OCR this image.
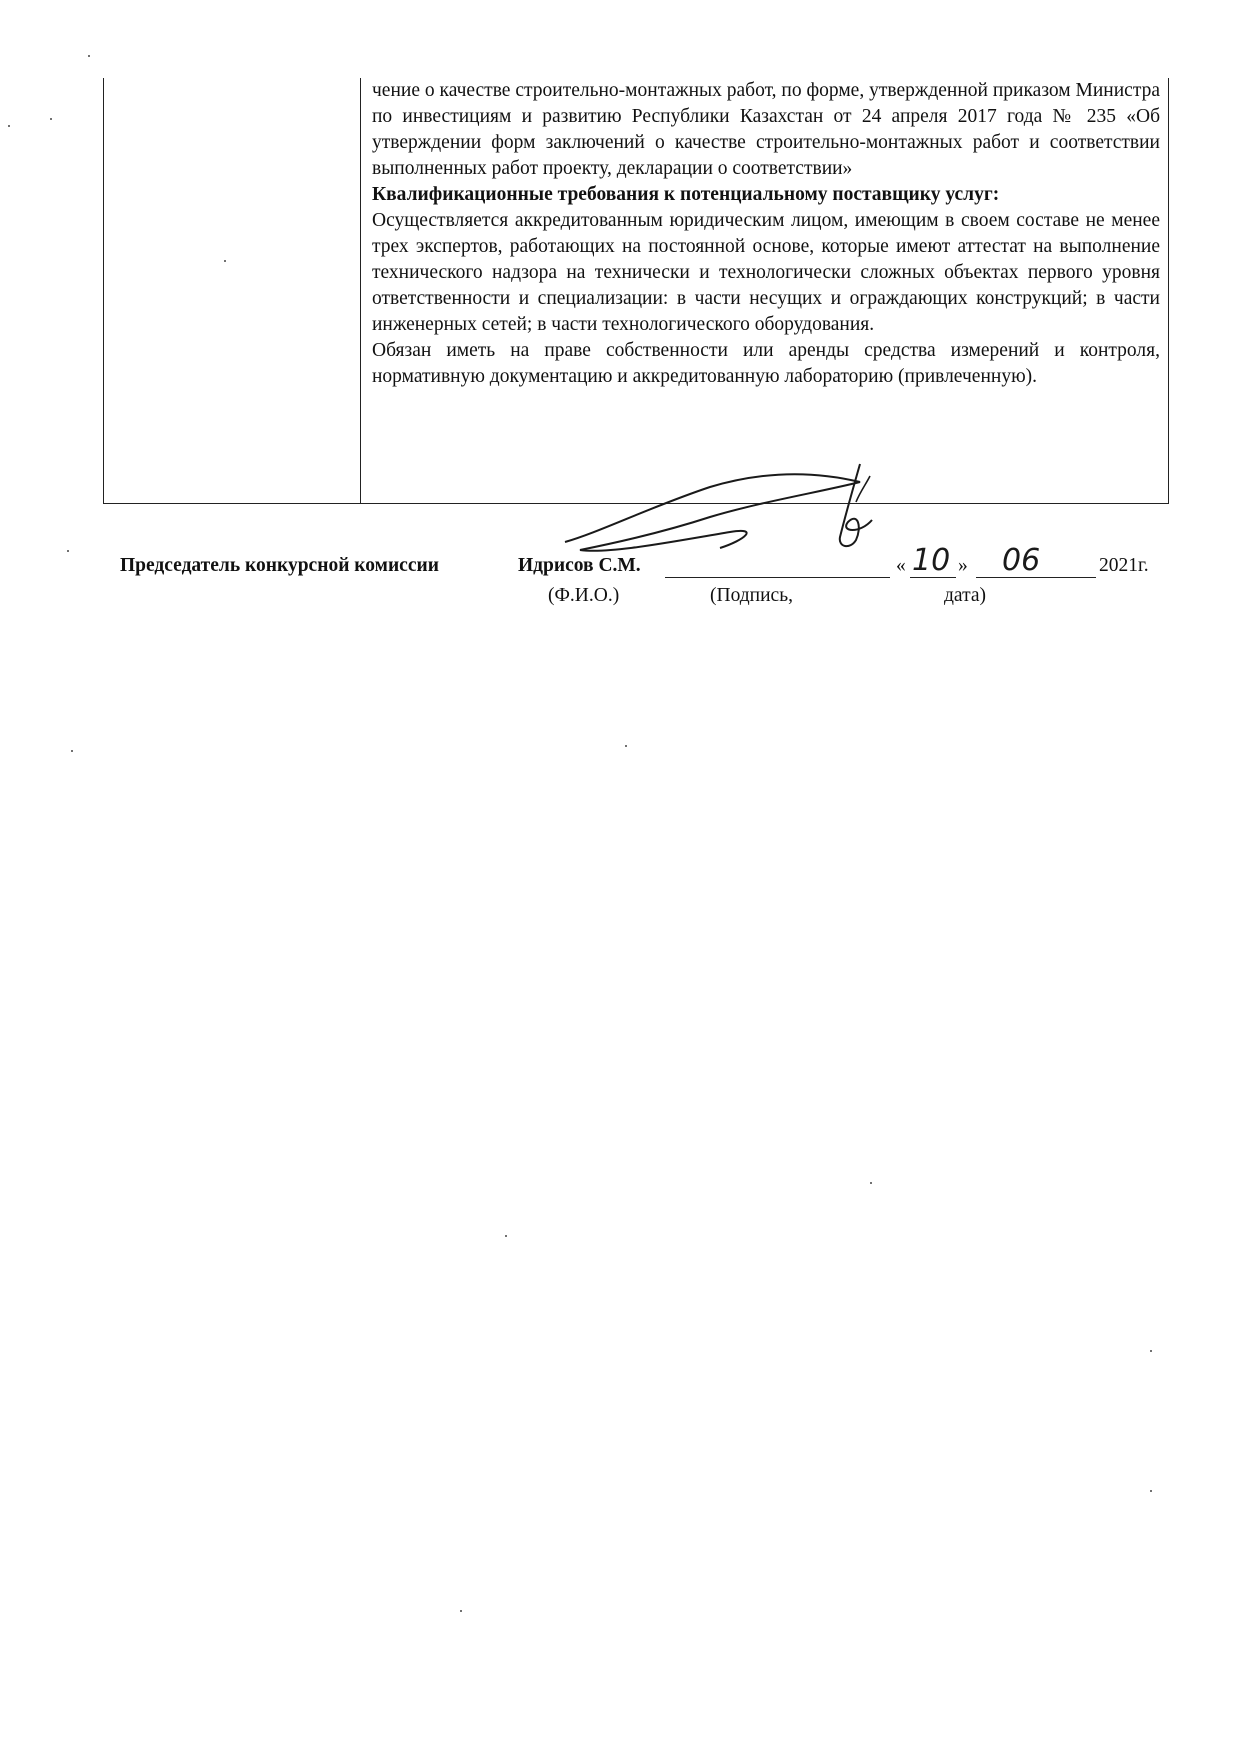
чение о качестве строительно-монтажных работ, по форме, утвержденной приказом Министра по инвестициям и развитию Республики Казахстан от 24 апреля 2017 года № 235 «Об утверждении форм заключений о качестве строительно-монтажных работ и соответствии выполненных работ проекту, декларации о соответствии»

Квалификационные требования к потенциальному поставщику услуг:

Осуществляется аккредитованным юридическим лицом, имеющим в своем составе не менее трех экспертов, работающих на постоянной основе, которые имеют аттестат на выполнение технического надзора на технически и технологически сложных объектах первого уровня ответственности и специализации: в части несущих и ограждающих конструкций; в части инженерных сетей; в части технологического оборудования.

Обязан иметь на праве собственности или аренды средства измерений и контроля, нормативную документацию и аккредитованную лабораторию (привлеченную).

Председатель конкурсной комиссии	Идрисов С.М.	« 10 » 06	2021г.
(Ф.И.О.)	(Подпись,	дата)
